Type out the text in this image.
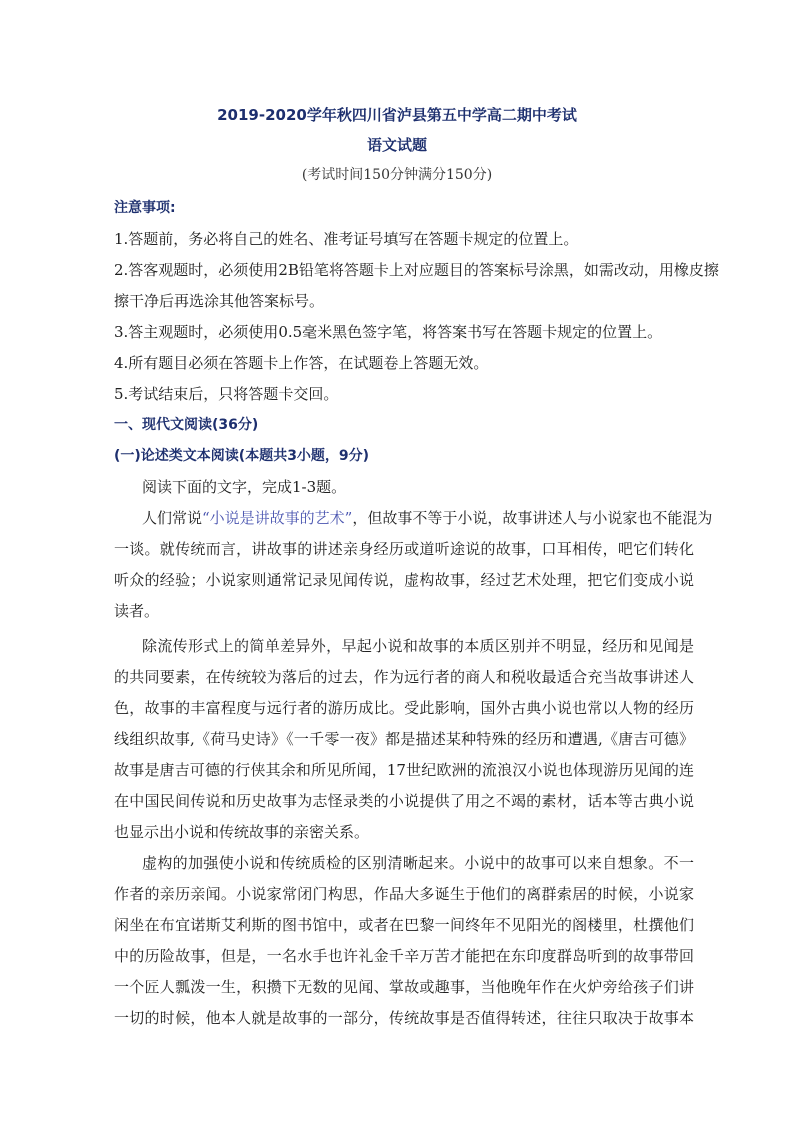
2019-2020学年秋四川省泸县第五中学高二期中考试
语文试题
(考试时间150分钟满分150分)
注意事项:
1.答题前，务必将自己的姓名、准考证号填写在答题卡规定的位置上。
2.答客观题时，必须使用2B铅笔将答题卡上对应题目的答案标号涂黑，如需改动，用橡皮擦
擦干净后再选涂其他答案标号。
3.答主观题时，必须使用0.5毫米黑色签字笔，将答案书写在答题卡规定的位置上。
4.所有题目必须在答题卡上作答，在试题卷上答题无效。
5.考试结束后，只将答题卡交回。
一、现代文阅读(36分)
(一)论述类文本阅读(本题共3小题，9分)
阅读下面的文字，完成1-3题。
人们常说“小说是讲故事的艺术”，但故事不等于小说，故事讲述人与小说家也不能混为
一谈。就传统而言，讲故事的讲述亲身经历或道听途说的故事，口耳相传，吧它们转化
听众的经验；小说家则通常记录见闻传说，虚构故事，经过艺术处理，把它们变成小说
读者。
除流传形式上的简单差异外，早起小说和故事的本质区别并不明显，经历和见闻是
的共同要素，在传统较为落后的过去，作为远行者的商人和税收最适合充当故事讲述人
色，故事的丰富程度与远行者的游历成比。受此影响，国外古典小说也常以人物的经历
线组织故事,《荷马史诗》《一千零一夜》都是描述某种特殊的经历和遭遇,《唐吉可德》
故事是唐吉可德的行侠其余和所见所闻，17世纪欧洲的流浪汉小说也体现游历见闻的连
在中国民间传说和历史故事为志怪录类的小说提供了用之不竭的素材，话本等古典小说
也显示出小说和传统故事的亲密关系。
虚构的加强使小说和传统质检的区别清晰起来。小说中的故事可以来自想象。不一
作者的亲历亲闻。小说家常闭门构思，作品大多诞生于他们的离群索居的时候，小说家
闲坐在布宜诺斯艾利斯的图书馆中，或者在巴黎一间终年不见阳光的阁楼里，杜撰他们
中的历险故事，但是，一名水手也许礼金千辛万苦才能把在东印度群岛听到的故事带回
一个匠人瓢泼一生，积攒下无数的见闻、掌故或趣事，当他晚年作在火炉旁给孩子们讲
一切的时候，他本人就是故事的一部分，传统故事是否值得转述，往往只取决于故事本
